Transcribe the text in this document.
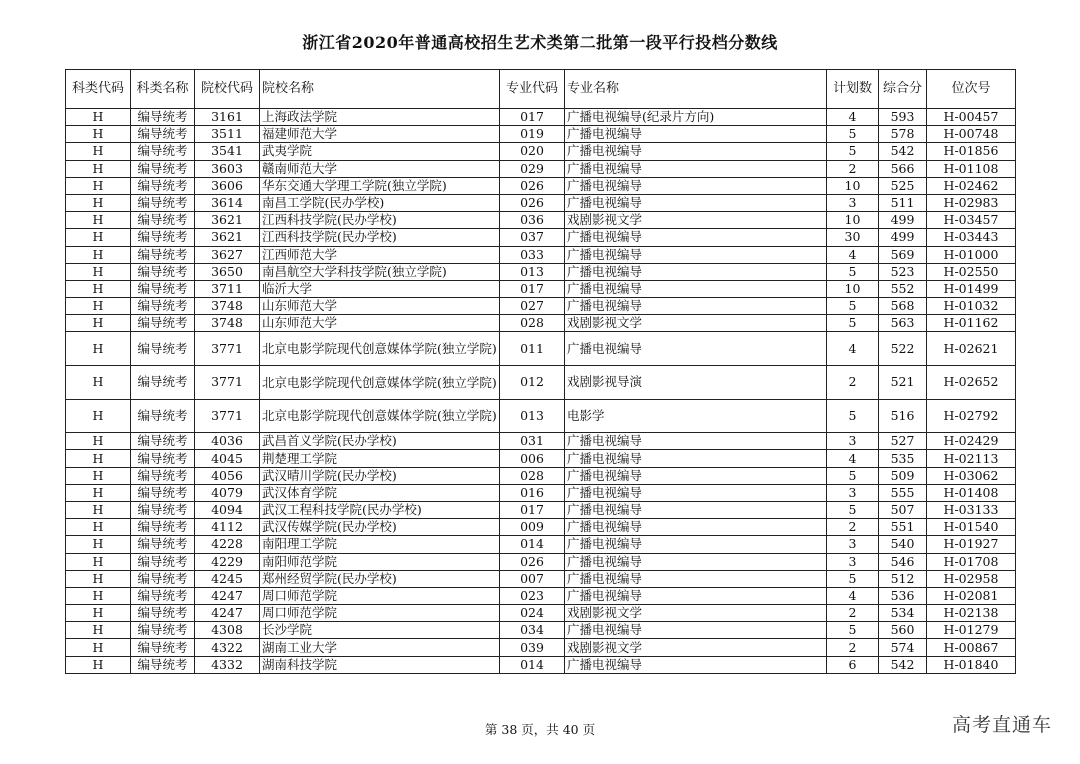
浙江省2020年普通高校招生艺术类第二批第一段平行投档分数线
科类代码	科类名称	院校代码	院校名称	专业代码	专业名称	计划数	综合分	位次号
H	编导统考	3161	上海政法学院	017	广播电视编导(纪录片方向)	4	593	H-00457
H	编导统考	3511	福建师范大学	019	广播电视编导	5	578	H-00748
H	编导统考	3541	武夷学院	020	广播电视编导	5	542	H-01856
H	编导统考	3603	赣南师范大学	029	广播电视编导	2	566	H-01108
H	编导统考	3606	华东交通大学理工学院(独立学院)	026	广播电视编导	10	525	H-02462
H	编导统考	3614	南昌工学院(民办学校)	026	广播电视编导	3	511	H-02983
H	编导统考	3621	江西科技学院(民办学校)	036	戏剧影视文学	10	499	H-03457
H	编导统考	3621	江西科技学院(民办学校)	037	广播电视编导	30	499	H-03443
H	编导统考	3627	江西师范大学	033	广播电视编导	4	569	H-01000
H	编导统考	3650	南昌航空大学科技学院(独立学院)	013	广播电视编导	5	523	H-02550
H	编导统考	3711	临沂大学	017	广播电视编导	10	552	H-01499
H	编导统考	3748	山东师范大学	027	广播电视编导	5	568	H-01032
H	编导统考	3748	山东师范大学	028	戏剧影视文学	5	563	H-01162
H	编导统考	3771	北京电影学院现代创意媒体学院(独立学院)	011	广播电视编导	4	522	H-02621
H	编导统考	3771	北京电影学院现代创意媒体学院(独立学院)	012	戏剧影视导演	2	521	H-02652
H	编导统考	3771	北京电影学院现代创意媒体学院(独立学院)	013	电影学	5	516	H-02792
H	编导统考	4036	武昌首义学院(民办学校)	031	广播电视编导	3	527	H-02429
H	编导统考	4045	荆楚理工学院	006	广播电视编导	4	535	H-02113
H	编导统考	4056	武汉晴川学院(民办学校)	028	广播电视编导	5	509	H-03062
H	编导统考	4079	武汉体育学院	016	广播电视编导	3	555	H-01408
H	编导统考	4094	武汉工程科技学院(民办学校)	017	广播电视编导	5	507	H-03133
H	编导统考	4112	武汉传媒学院(民办学校)	009	广播电视编导	2	551	H-01540
H	编导统考	4228	南阳理工学院	014	广播电视编导	3	540	H-01927
H	编导统考	4229	南阳师范学院	026	广播电视编导	3	546	H-01708
H	编导统考	4245	郑州经贸学院(民办学校)	007	广播电视编导	5	512	H-02958
H	编导统考	4247	周口师范学院	023	广播电视编导	4	536	H-02081
H	编导统考	4247	周口师范学院	024	戏剧影视文学	2	534	H-02138
H	编导统考	4308	长沙学院	034	广播电视编导	5	560	H-01279
H	编导统考	4322	湖南工业大学	039	戏剧影视文学	2	574	H-00867
H	编导统考	4332	湖南科技学院	014	广播电视编导	6	542	H-01840
第 38 页，共 40 页	高考直通车
